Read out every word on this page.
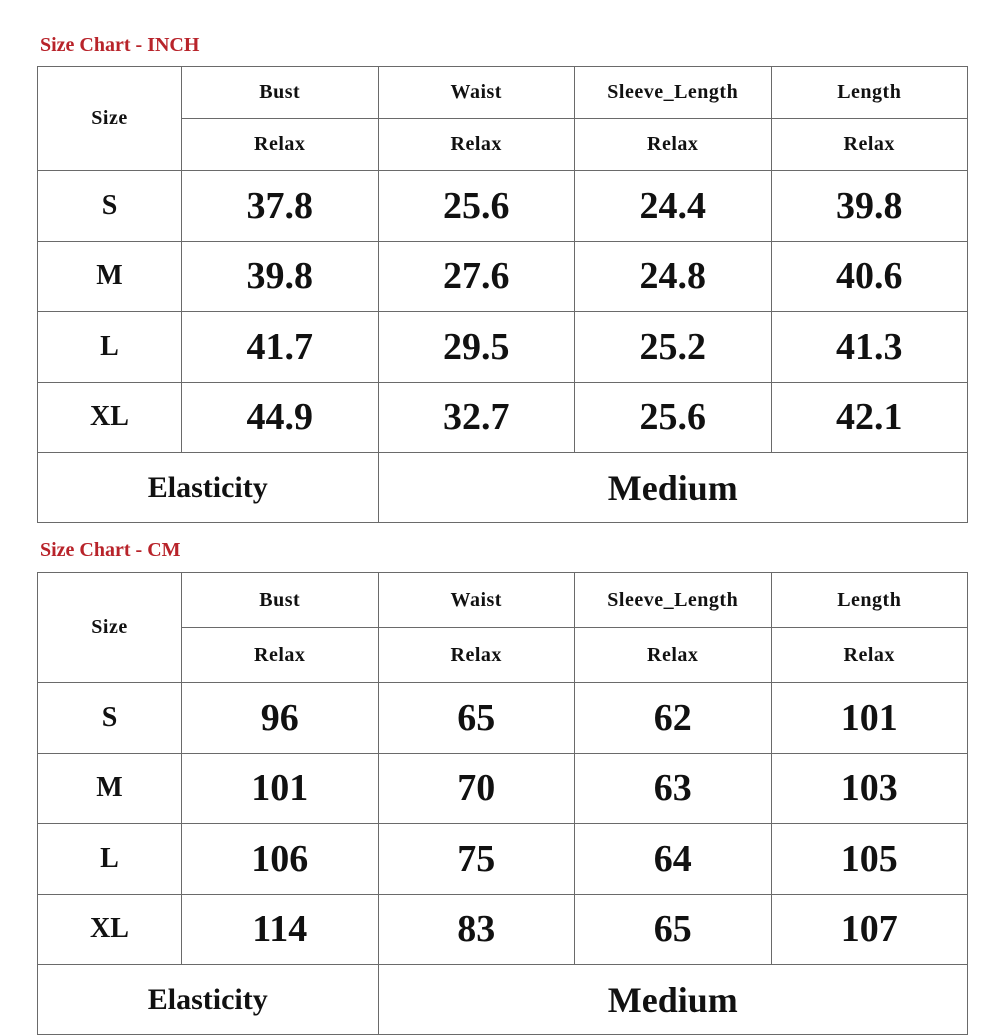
Size Chart - INCH
Size	Bust	Waist	Sleeve_Length	Length
	Relax	Relax	Relax	Relax
S	37.8	25.6	24.4	39.8
M	39.8	27.6	24.8	40.6
L	41.7	29.5	25.2	41.3
XL	44.9	32.7	25.6	42.1
Elasticity		Medium		
Size Chart - CM
Size	Bust	Waist	Sleeve_Length	Length
	Relax	Relax	Relax	Relax
S	96	65	62	101
M	101	70	63	103
L	106	75	64	105
XL	114	83	65	107
Elasticity		Medium		
